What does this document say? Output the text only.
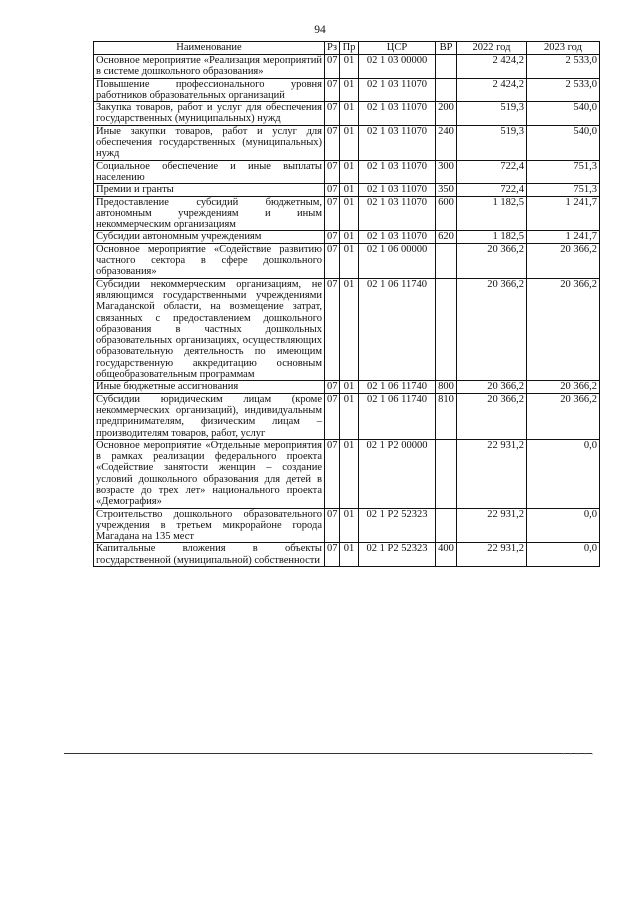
94
Наименование	Рз	Пр	ЦСР	ВР	2022 год	2023 год
Основное мероприятие «Реализация мероприятий в системе дошкольного образования»	07	01	02 1 03 00000		2 424,2	2 533,0
Повышение профессионального уровня работников образовательных организаций	07	01	02 1 03 11070		2 424,2	2 533,0
Закупка товаров, работ и услуг для обеспечения государственных (муниципальных) нужд	07	01	02 1 03 11070	200	519,3	540,0
Иные закупки товаров, работ и услуг для обеспечения государственных (муниципальных) нужд	07	01	02 1 03 11070	240	519,3	540,0
Социальное обеспечение и иные выплаты населению	07	01	02 1 03 11070	300	722,4	751,3
Премии и гранты	07	01	02 1 03 11070	350	722,4	751,3
Предоставление субсидий бюджетным, автономным учреждениям и иным некоммерческим организациям	07	01	02 1 03 11070	600	1 182,5	1 241,7
Субсидии автономным учреждениям	07	01	02 1 03 11070	620	1 182,5	1 241,7
Основное мероприятие «Содействие развитию частного сектора в сфере дошкольного образования»	07	01	02 1 06 00000		20 366,2	20 366,2
Субсидии некоммерческим организациям, не являющимся государственными учреждениями Магаданской области, на возмещение затрат, связанных с предоставлением дошкольного образования в частных дошкольных образовательных организациях, осуществляющих образовательную деятельность по имеющим государственную аккредитацию основным общеобразовательным программам	07	01	02 1 06 11740		20 366,2	20 366,2
Иные бюджетные ассигнования	07	01	02 1 06 11740	800	20 366,2	20 366,2
Субсидии юридическим лицам (кроме некоммерческих организаций), индивидуальным предпринимателям, физическим лицам – производителям товаров, работ, услуг	07	01	02 1 06 11740	810	20 366,2	20 366,2
Основное мероприятие «Отдельные мероприятия в рамках реализации федерального проекта «Содействие занятости женщин – создание условий дошкольного образования для детей в возрасте до трех лет» национального проекта «Демография»	07	01	02 1 P2 00000		22 931,2	0,0
Строительство дошкольного образовательного учреждения в третьем микрорайоне города Магадана на 135 мест	07	01	02 1 P2 52323		22 931,2	0,0
Капитальные вложения в объекты государственной (муниципальной) собственности	07	01	02 1 P2 52323	400	22 931,2	0,0
· · · · ·
